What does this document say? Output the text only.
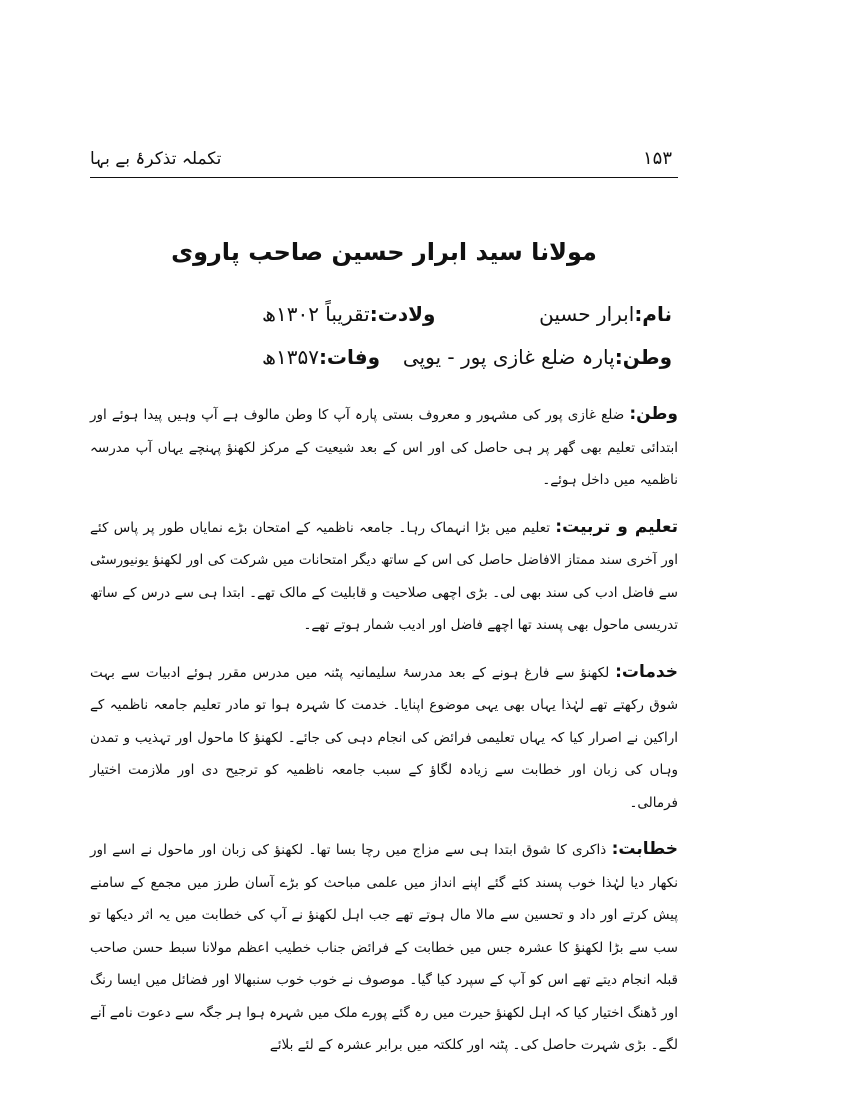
تکملہ تذکرۂ بے بہا	۱۵۳
مولانا سید ابرار حسین صاحب پاروی
نام:ابرار حسین
ولادت:تقریباً ۱۳۰۲ھ
وطن:پارہ ضلع غازی پور - یوپی
وفات:۱۳۵۷ھ

وطن: ضلع غازی پور کی مشہور و معروف بستی پارہ آپ کا وطن مالوف ہے آپ وہیں پیدا ہوئے اور ابتدائی تعلیم بھی گھر پر ہی حاصل کی اور اس کے بعد شیعیت کے مرکز لکھنؤ پہنچے یہاں آپ مدرسہ ناظمیہ میں داخل ہوئے۔

تعلیم و تربیت: تعلیم میں بڑا انہماک رہا۔ جامعہ ناظمیہ کے امتحان بڑے نمایاں طور پر پاس کئے اور آخری سند ممتاز الافاضل حاصل کی اس کے ساتھ دیگر امتحانات میں شرکت کی اور لکھنؤ یونیورسٹی سے فاضل ادب کی سند بھی لی۔ بڑی اچھی صلاحیت و قابلیت کے مالک تھے۔ ابتدا ہی سے درس کے ساتھ تدریسی ماحول بھی پسند تھا اچھے فاضل اور ادیب شمار ہوتے تھے۔

خدمات: لکھنؤ سے فارغ ہونے کے بعد مدرسۂ سلیمانیہ پٹنہ میں مدرس مقرر ہوئے ادبیات سے بہت شوق رکھتے تھے لہٰذا یہاں بھی یہی موضوع اپنایا۔ خدمت کا شہرہ ہوا تو مادر تعلیم جامعہ ناظمیہ کے اراکین نے اصرار کیا کہ یہاں تعلیمی فرائض کی انجام دہی کی جائے۔ لکھنؤ کا ماحول اور تہذیب و تمدن وہاں کی زبان اور خطابت سے زیادہ لگاؤ کے سبب جامعہ ناظمیہ کو ترجیح دی اور ملازمت اختیار فرمالی۔

خطابت: ذاکری کا شوق ابتدا ہی سے مزاج میں رچا بسا تھا۔ لکھنؤ کی زبان اور ماحول نے اسے اور نکھار دیا لہٰذا خوب پسند کئے گئے اپنے انداز میں علمی مباحث کو بڑے آسان طرز میں مجمع کے سامنے پیش کرتے اور داد و تحسین سے مالا مال ہوتے تھے جب اہل لکھنؤ نے آپ کی خطابت میں یہ اثر دیکھا تو سب سے بڑا لکھنؤ کا عشرہ جس میں خطابت کے فرائض جناب خطیب اعظم مولانا سبط حسن صاحب قبلہ انجام دیتے تھے اس کو آپ کے سپرد کیا گیا۔ موصوف نے خوب خوب سنبھالا اور فضائل میں ایسا رنگ اور ڈھنگ اختیار کیا کہ اہل لکھنؤ حیرت میں رہ گئے پورے ملک میں شہرہ ہوا ہر جگہ سے دعوت نامے آنے لگے۔ بڑی شہرت حاصل کی۔ پٹنہ اور کلکتہ میں برابر عشرہ کے لئے بلائے
